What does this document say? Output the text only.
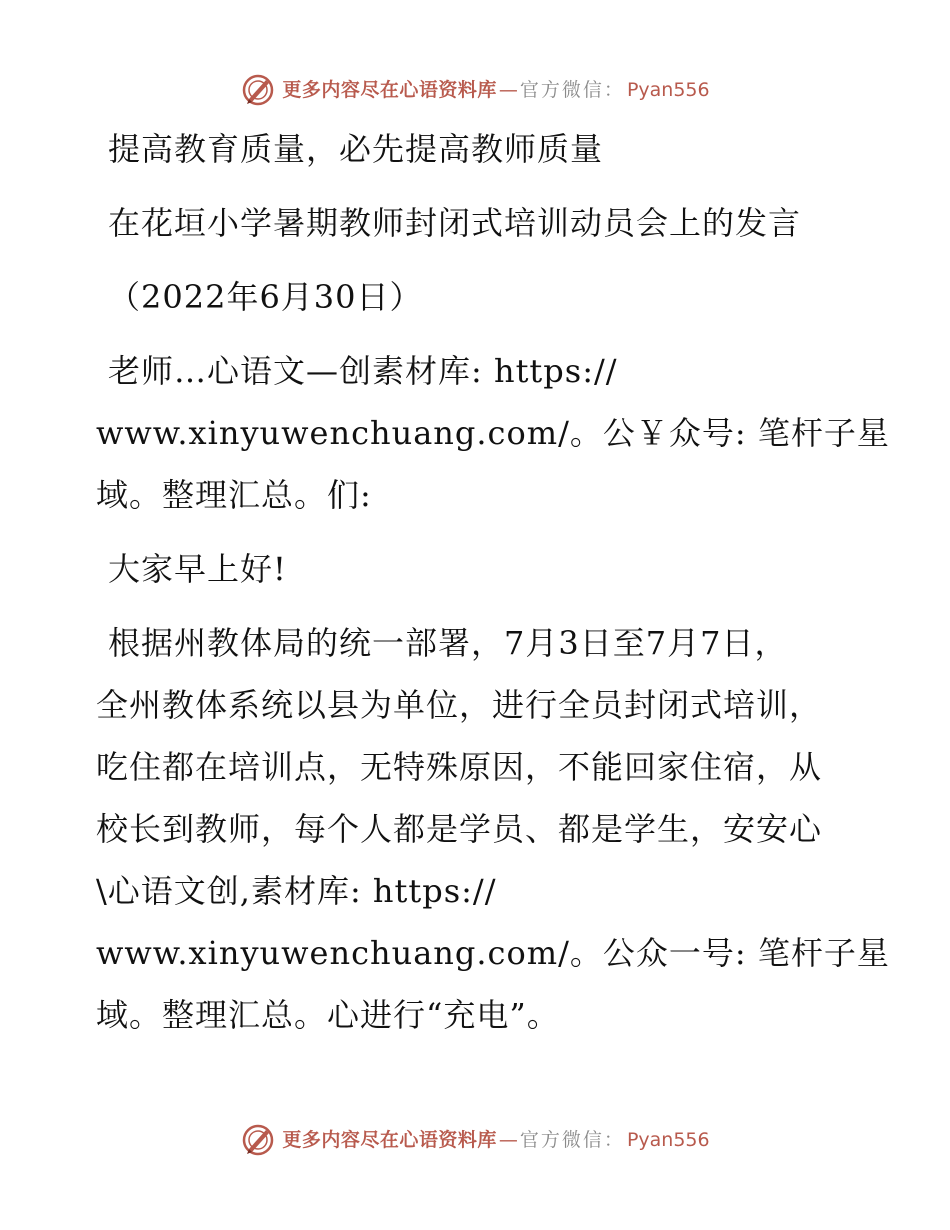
更多内容尽在心语资料库 — 官方微信： Pyan556

提高教育质量，必先提高教师质量

在花垣小学暑期教师封闭式培训动员会上的发言

（2022年6月30日）

老师…心语文—创素材库: https://
www.xinyuwenchuang.com/。公￥众号: 笔杆子星
域。整理汇总。们:

大家早上好!

根据州教体局的统一部署，7月3日至7月7日，
全州教体系统以县为单位，进行全员封闭式培训，
吃住都在培训点，无特殊原因，不能回家住宿，从
校长到教师，每个人都是学员、都是学生，安安心
\心语文创,素材库: https://
www.xinyuwenchuang.com/。公众一号: 笔杆子星
域。整理汇总。心进行“充电”。

更多内容尽在心语资料库 — 官方微信： Pyan556
